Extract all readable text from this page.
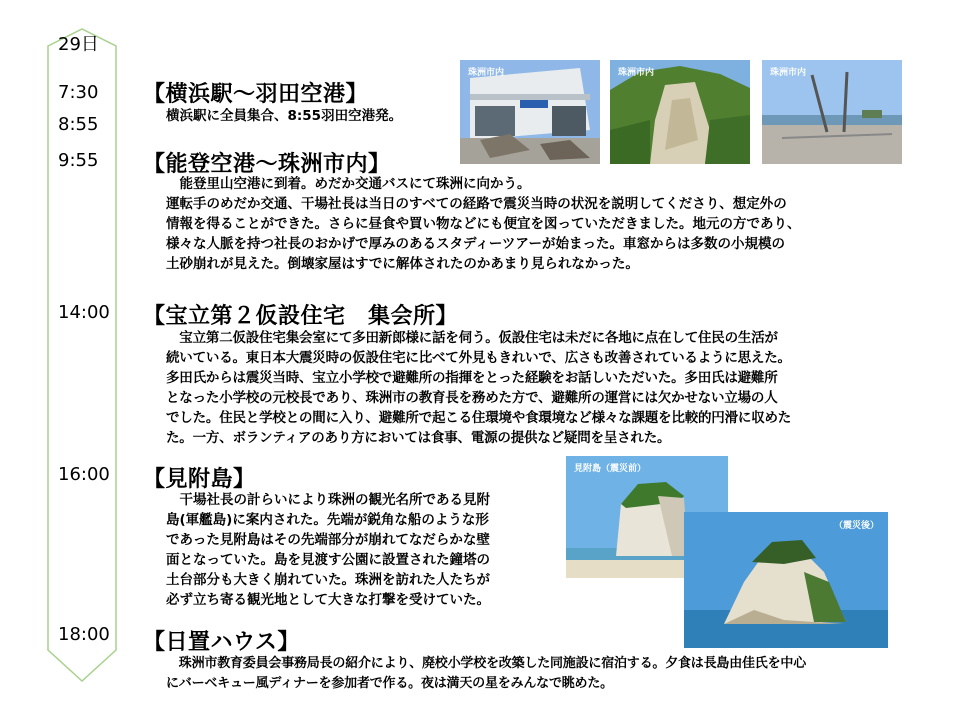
29日
7:30
8:55
9:55
14:00
16:00
18:00
【横浜駅～羽田空港】
横浜駅に全員集合、8:55羽田空港発。
【能登空港～珠洲市内】
　能登里山空港に到着。めだか交通バスにて珠洲に向かう。
運転手のめだか交通、干場社長は当日のすべての経路で震災当時の状況を説明してくださり、想定外の
情報を得ることができた。さらに昼食や買い物などにも便宜を図っていただきました。地元の方であり、
様々な人脈を持つ社長のおかげで厚みのあるスタディーツアーが始まった。車窓からは多数の小規模の
土砂崩れが見えた。倒壊家屋はすでに解体されたのかあまり見られなかった。
【宝立第２仮設住宅　集会所】
　宝立第二仮設住宅集会室にて多田新郎様に話を伺う。仮設住宅は未だに各地に点在して住民の生活が
続いている。東日本大震災時の仮設住宅に比べて外見もきれいで、広さも改善されているように思えた。
多田氏からは震災当時、宝立小学校で避難所の指揮をとった経験をお話しいただいた。多田氏は避難所
となった小学校の元校長であり、珠洲市の教育長を務めた方で、避難所の運営には欠かせない立場の人
でした。住民と学校との間に入り、避難所で起こる住環境や食環境など様々な課題を比較的円滑に収めた
た。一方、ボランティアのあり方においては食事、電源の提供など疑問を呈された。
【見附島】
　干場社長の計らいにより珠洲の観光名所である見附
島(軍艦島)に案内された。先端が鋭角な船のような形
であった見附島はその先端部分が崩れてなだらかな壁
面となっていた。島を見渡す公園に設置された鐘塔の
土台部分も大きく崩れていた。珠洲を訪れた人たちが
必ず立ち寄る観光地として大きな打撃を受けていた。
【日置ハウス】
　珠洲市教育委員会事務局長の紹介により、廃校小学校を改築した同施設に宿泊する。夕食は長島由佳氏を中心
にバーベキュー風ディナーを参加者で作る。夜は満天の星をみんなで眺めた。
珠洲市内	珠洲市内	珠洲市内
見附島（震災前）
（震災後）
